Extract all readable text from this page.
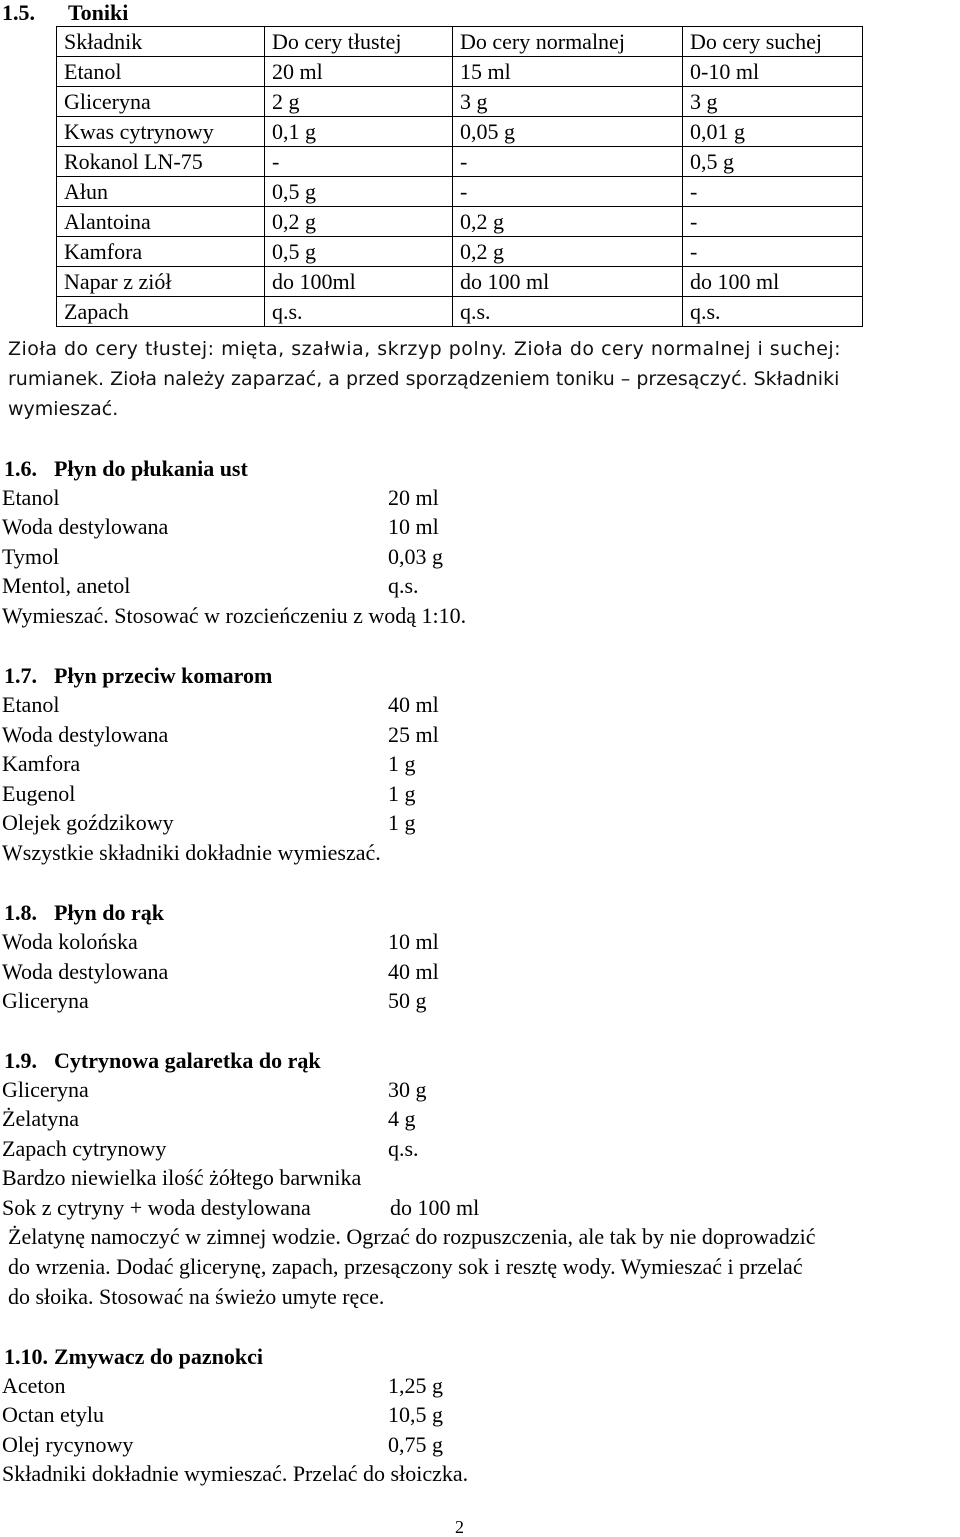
1.5. Toniki
Składnik	Do cery tłustej	Do cery normalnej	Do cery suchej
Etanol	20 ml	15 ml	0-10 ml
Gliceryna	2 g	3 g	3 g
Kwas cytrynowy	0,1 g	0,05 g	0,01 g
Rokanol LN-75	-	-	0,5 g
Ałun	0,5 g	-	-
Alantoina	0,2 g	0,2 g	-
Kamfora	0,5 g	0,2 g	-
Napar z ziół	do 100ml	do 100 ml	do 100 ml
Zapach	q.s.	q.s.	q.s.
Zioła do cery tłustej: mięta, szałwia, skrzyp polny. Zioła do cery normalnej i suchej:
rumianek. Zioła należy zaparzać, a przed sporządzeniem toniku – przesączyć. Składniki
wymieszać.
1.6. Płyn do płukania ust
Etanol	20 ml
Woda destylowana	10 ml
Tymol	0,03 g
Mentol, anetol	q.s.
Wymieszać. Stosować w rozcieńczeniu z wodą 1:10.
1.7. Płyn przeciw komarom
Etanol	40 ml
Woda destylowana	25 ml
Kamfora	1 g
Eugenol	1 g
Olejek goździkowy	1 g
Wszystkie składniki dokładnie wymieszać.
1.8. Płyn do rąk
Woda kolońska	10 ml
Woda destylowana	40 ml
Gliceryna	50 g
1.9. Cytrynowa galaretka do rąk
Gliceryna	30 g
Żelatyna	4 g
Zapach cytrynowy	q.s.
Bardzo niewielka ilość żółtego barwnika
Sok z cytryny + woda destylowana	do 100 ml
Żelatynę namoczyć w zimnej wodzie. Ogrzać do rozpuszczenia, ale tak by nie doprowadzić
do wrzenia. Dodać glicerynę, zapach, przesączony sok i resztę wody. Wymieszać i przelać
do słoika. Stosować na świeżo umyte ręce.
1.10. Zmywacz do paznokci
Aceton	1,25 g
Octan etylu	10,5 g
Olej rycynowy	0,75 g
Składniki dokładnie wymieszać. Przelać do słoiczka.
2
